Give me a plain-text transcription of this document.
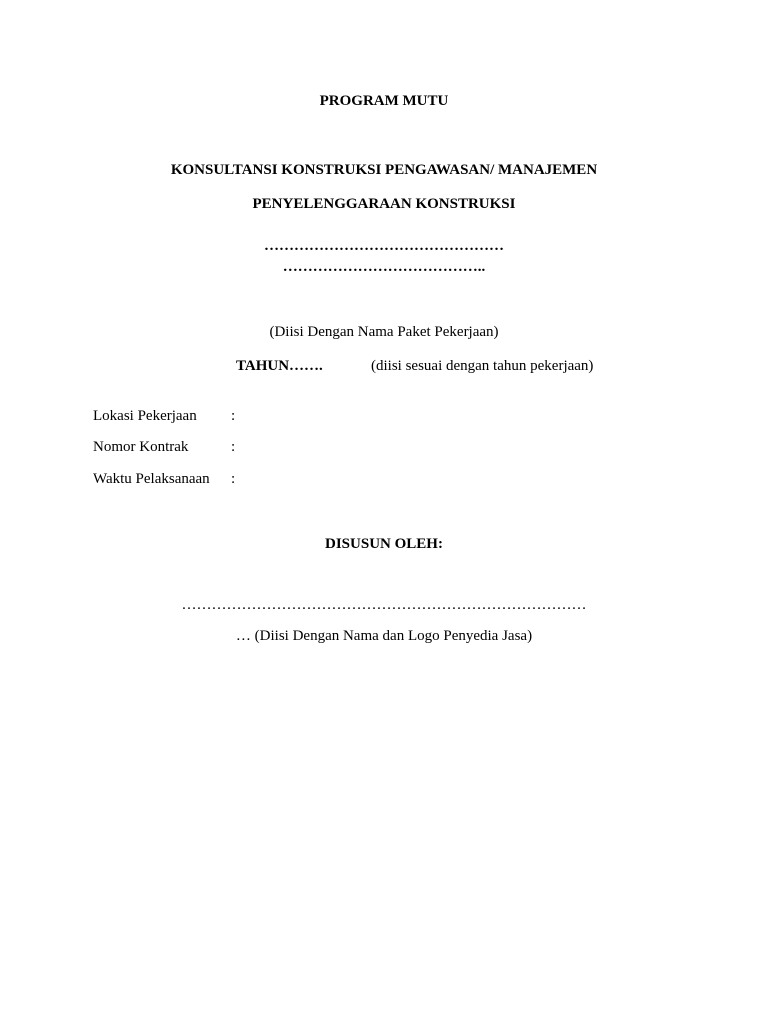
PROGRAM MUTU
KONSULTANSI KONSTRUKSI PENGAWASAN/ MANAJEMEN
PENYELENGGARAAN KONSTRUKSI
…………………………………………
…………………………………..
(Diisi Dengan Nama Paket Pekerjaan)
TAHUN…….	(diisi sesuai dengan tahun pekerjaan)
Lokasi Pekerjaan :
Nomor Kontrak	:
Waktu Pelaksanaan :
DISUSUN OLEH:
………………………………………………………………………
… (Diisi Dengan Nama dan Logo Penyedia Jasa)
